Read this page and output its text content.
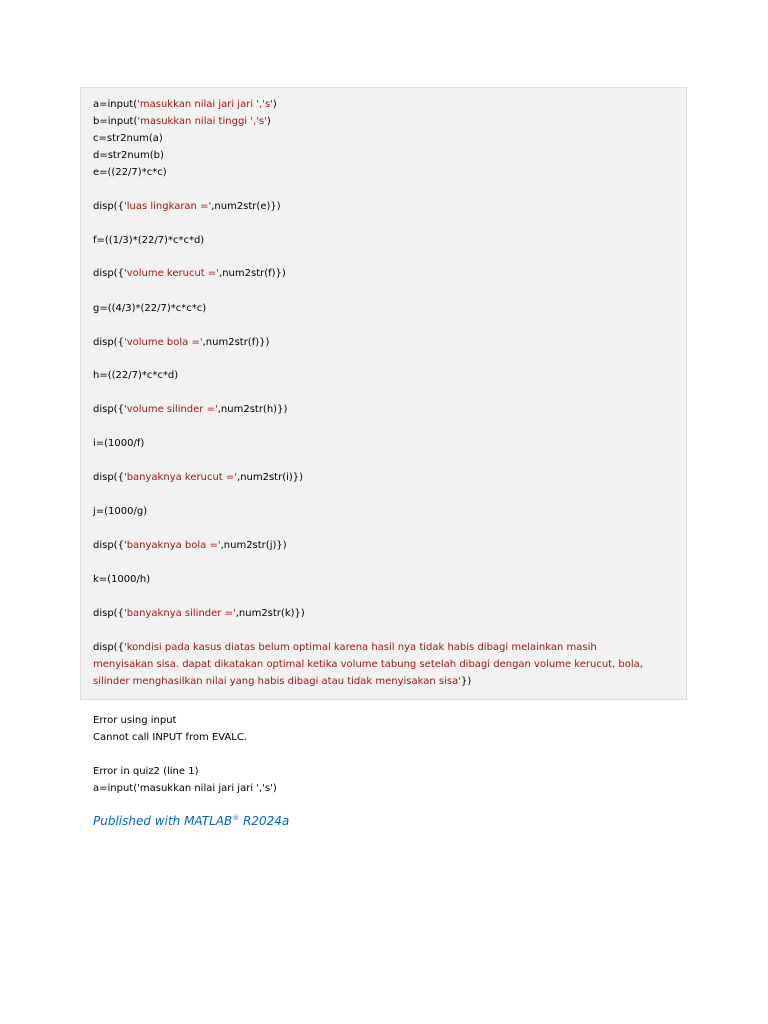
a=input('masukkan nilai jari jari ','s')
b=input('masukkan nilai tinggi ','s')
c=str2num(a)
d=str2num(b)
e=((22/7)*c*c)
disp({'luas lingkaran =',num2str(e)})
f=((1/3)*(22/7)*c*c*d)
disp({'volume kerucut =',num2str(f)})
g=((4/3)*(22/7)*c*c*c)
disp({'volume bola =',num2str(f)})
h=((22/7)*c*c*d)
disp({'volume silinder =',num2str(h)})
i=(1000/f)
disp({'banyaknya kerucut =',num2str(i)})
j=(1000/g)
disp({'banyaknya bola =',num2str(j)})
k=(1000/h)
disp({'banyaknya silinder =',num2str(k)})
disp({'kondisi pada kasus diatas belum optimal karena hasil nya tidak habis dibagi melainkan masih
menyisakan sisa. dapat dikatakan optimal ketika volume tabung setelah dibagi dengan volume kerucut, bola,
silinder menghasilkan nilai yang habis dibagi atau tidak menyisakan sisa'})
Error using input
Cannot call INPUT from EVALC.
Error in quiz2 (line 1)
a=input('masukkan nilai jari jari ','s')
Published with MATLAB® R2024a
